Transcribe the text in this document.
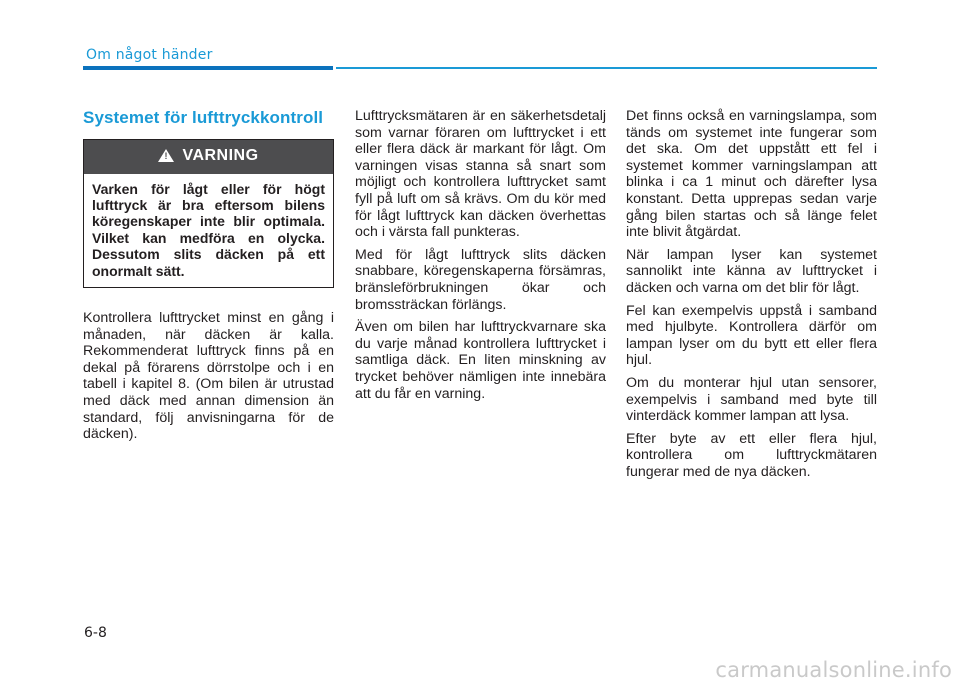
Om något händer
Systemet för lufttryckkontroll
!
VARNING
Varken för lågt eller för högt lufttryck är bra eftersom bilens köregenskaper inte blir optimala. Vilket kan medföra en olycka. Dessutom slits däcken på ett onormalt sätt.

Kontrollera lufttrycket minst en gång i månaden, när däcken är kalla. Rekommenderat lufttryck finns på en dekal på förarens dörrstolpe och i en tabell i kapitel 8. (Om bilen är utrustad med däck med annan dimension än standard, följ anvisningarna för de däcken).

Lufttrycksmätaren är en säkerhetsdetalj som varnar föraren om lufttrycket i ett eller flera däck är markant för lågt. Om varningen visas stanna så snart som möjligt och kontrollera lufttrycket samt fyll på luft om så krävs. Om du kör med för lågt lufttryck kan däcken överhettas och i värsta fall punkteras.

Med för lågt lufttryck slits däcken snabbare, köregenskaperna försämras, bränsleförbrukningen ökar och bromssträckan förlängs.

Även om bilen har lufttryckvarnare ska du varje månad kontrollera lufttrycket i samtliga däck. En liten minskning av trycket behöver nämligen inte innebära att du får en varning.

Det finns också en varningslampa, som tänds om systemet inte fungerar som det ska. Om det uppstått ett fel i systemet kommer varningslampan att blinka i ca 1 minut och därefter lysa konstant. Detta upprepas sedan varje gång bilen startas och så länge felet inte blivit åtgärdat.

När lampan lyser kan systemet sannolikt inte känna av lufttrycket i däcken och varna om det blir för lågt.

Fel kan exempelvis uppstå i samband med hjulbyte. Kontrollera därför om lampan lyser om du bytt ett eller flera hjul.

Om du monterar hjul utan sensorer, exempelvis i samband med byte till vinterdäck kommer lampan att lysa.

Efter byte av ett eller flera hjul, kontrollera om lufttryckmätaren fungerar med de nya däcken.

6-8
carmanualsonline.info
